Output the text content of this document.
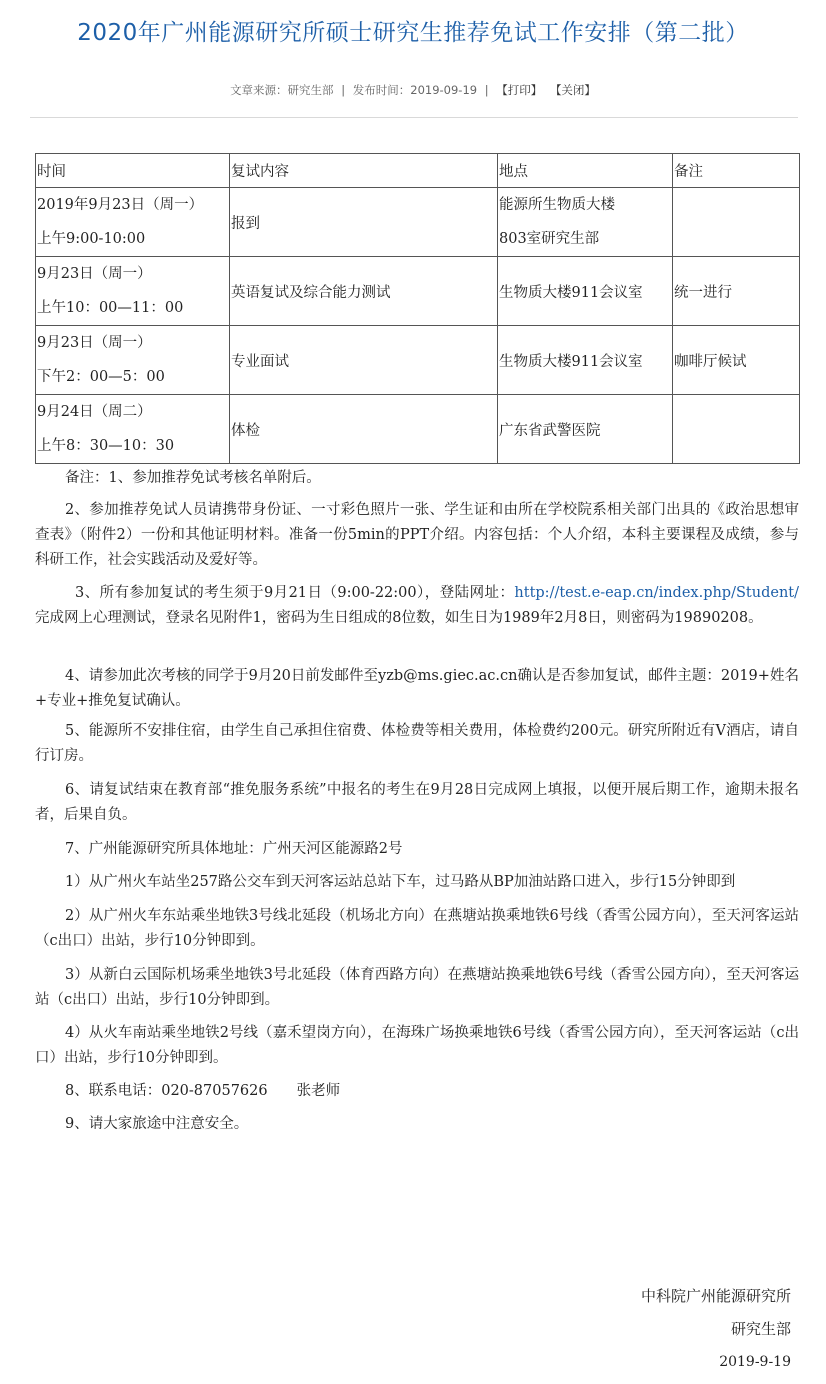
2020年广州能源研究所硕士研究生推荐免试工作安排（第二批）
文章来源：研究生部 | 发布时间：2019-09-19 | 【打印】 【关闭】
时间	复试内容	地点	备注

2019年9月23日（周一）
上午9:00-10:00	报到	能源所生物质大楼
803室研究生部	

9月23日（周一）
上午10：00—11：00	英语复试及综合能力测试	生物质大楼911会议室	统一进行

9月23日（周一）
下午2：00—5：00	专业面试	生物质大楼911会议室	咖啡厅候试

9月24日（周二）
上午8：30—10：30	体检	广东省武警医院	

备注：1、参加推荐免试考核名单附后。

2、参加推荐免试人员请携带身份证、一寸彩色照片一张、学生证和由所在学校院系相关部门出具的《政治思想审查表》（附件2）一份和其他证明材料。准备一份5min的PPT介绍。内容包括：个人介绍，本科主要课程及成绩，参与科研工作，社会实践活动及爱好等。

3、所有参加复试的考生须于9月21日（9:00-22:00），登陆网址：http://test.e-eap.cn/index.php/Student/完成网上心理测试，登录名见附件1，密码为生日组成的8位数，如生日为1989年2月8日，则密码为19890208。

4、请参加此次考核的同学于9月20日前发邮件至yzb@ms.giec.ac.cn确认是否参加复试，邮件主题：2019+姓名+专业+推免复试确认。

5、能源所不安排住宿，由学生自己承担住宿费、体检费等相关费用，体检费约200元。研究所附近有V酒店，请自行订房。

6、请复试结束在教育部“推免服务系统”中报名的考生在9月28日完成网上填报，以便开展后期工作，逾期未报名者，后果自负。

7、广州能源研究所具体地址：广州天河区能源路2号

1）从广州火车站坐257路公交车到天河客运站总站下车，过马路从BP加油站路口进入，步行15分钟即到

2）从广州火车东站乘坐地铁3号线北延段（机场北方向）在燕塘站换乘地铁6号线（香雪公园方向），至天河客运站（c出口）出站，步行10分钟即到。

3）从新白云国际机场乘坐地铁3号北延段（体育西路方向）在燕塘站换乘地铁6号线（香雪公园方向），至天河客运站（c出口）出站，步行10分钟即到。

4）从火车南站乘坐地铁2号线（嘉禾望岗方向），在海珠广场换乘地铁6号线（香雪公园方向），至天河客运站（c出口）出站，步行10分钟即到。

8、联系电话：020-87057626　　张老师

9、请大家旅途中注意安全。

中科院广州能源研究所
研究生部
2019-9-19
